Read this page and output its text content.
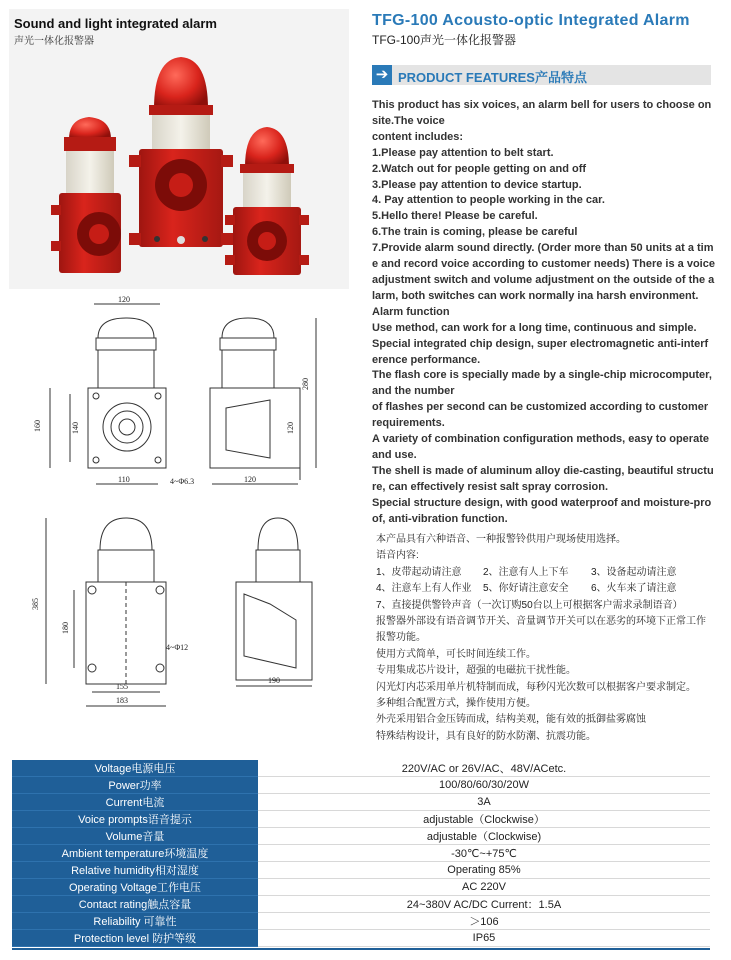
Sound and light integrated alarm
声光一体化报警器
120
160	140
110	4~Φ6.3
280
120
120
385
180
4~Φ12
155
183
190
TFG-100 Acousto-optic Integrated Alarm
TFG-100声光一体化报警器
➔ PRODUCT FEATURES产品特点
This product has six voices, an alarm bell for users to choose on
site.The voice
content includes:
1.Please pay attention to belt start.
2.Watch out for people getting on and off
3.Please pay attention to device startup.
4. Pay attention to people working in the car.
5.Hello there! Please be careful.
6.The train is coming, please be careful
7.Provide alarm sound directly. (Order more than 50 units at a tim
e and record voice according to customer needs) There is a voice
adjustment switch and volume adjustment on the outside of the a
larm, both switches can work normally ina harsh environment.
Alarm function
Use method, can work for a long time, continuous and simple.
Special integrated chip design, super electromagnetic anti-interf
erence performance.
The flash core is specially made by a single-chip microcomputer,
and the number
of flashes per second can be customized according to customer
requirements.
A variety of combination configuration methods, easy to operate
and use.
The shell is made of aluminum alloy die-casting, beautiful structu
re, can effectively resist salt spray corrosion.
Special structure design, with good waterproof and moisture-pro
of, anti-vibration function.
本产品具有六种语音、一种报警铃供用户现场使用选择。
语音内容:
1、皮带起动请注意 2、注意有人上下车 3、设备起动请注意
4、注意车上有人作业 5、你好请注意安全 6、火车来了请注意
7、直接提供警铃声音（一次订购50台以上可根据客户需求录制语音）
报警器外部设有语音调节开关、音量调节开关可以在恶劣的环境下正常工作
报警功能。
使用方式简单，可长时间连续工作。
专用集成芯片设计，超强的电磁抗干扰性能。
闪光灯内芯采用单片机特制而成，每秒闪光次数可以根据客户要求制定。
多种组合配置方式，操作使用方便。
外壳采用铝合金压铸而成，结构美观，能有效的抵御盐雾腐蚀
特殊结构设计，具有良好的防水防潮、抗震功能。
Voltage电源电压	220V/AC or 26V/AC、48V/ACetc.
Power功率	100/80/60/30/20W
Current电流	3A
Voice prompts语音提示	adjustable（Clockwise）
Volume音量	adjustable（Clockwise)
Ambient temperature环境温度	-30℃~+75℃
Relative humidity相对湿度	Operating 85%
Operating Voltage工作电压	AC 220V
Contact rating触点容量	24~380V AC/DC Current：1.5A
Reliability 可靠性	＞106
Protection level 防护等级	IP65
